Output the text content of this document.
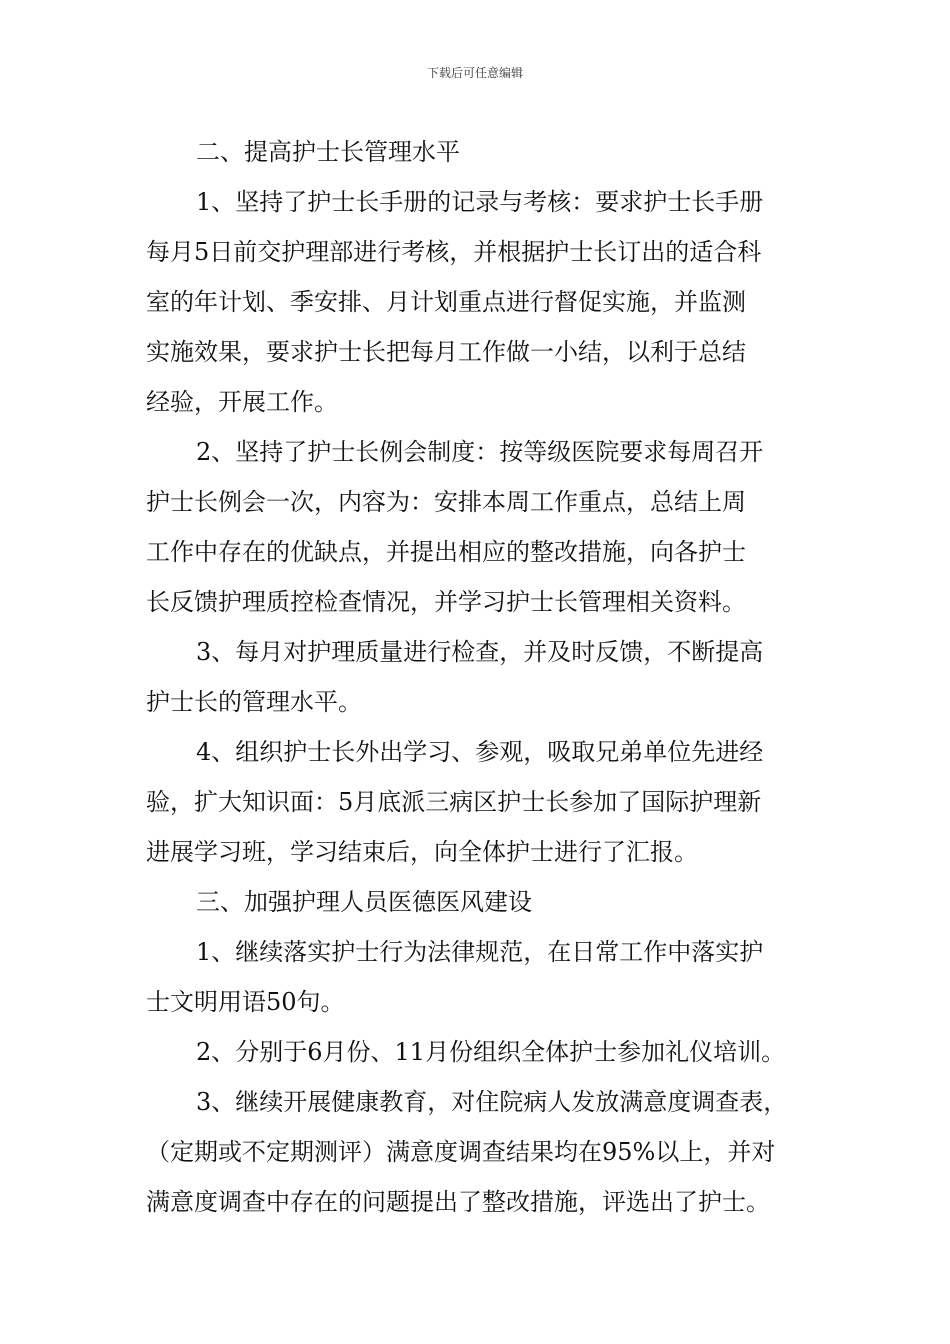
下载后可任意编辑
二、提高护士长管理水平
1、坚持了护士长手册的记录与考核：要求护士长手册
每月5日前交护理部进行考核，并根据护士长订出的适合科
室的年计划、季安排、月计划重点进行督促实施，并监测
实施效果，要求护士长把每月工作做一小结，以利于总结
经验，开展工作。
2、坚持了护士长例会制度：按等级医院要求每周召开
护士长例会一次，内容为：安排本周工作重点，总结上周
工作中存在的优缺点，并提出相应的整改措施，向各护士
长反馈护理质控检查情况，并学习护士长管理相关资料。
3、每月对护理质量进行检查，并及时反馈，不断提高
护士长的管理水平。
4、组织护士长外出学习、参观，吸取兄弟单位先进经
验，扩大知识面：5月底派三病区护士长参加了国际护理新
进展学习班，学习结束后，向全体护士进行了汇报。
三、加强护理人员医德医风建设
1、继续落实护士行为法律规范，在日常工作中落实护
士文明用语50句。
2、分别于6月份、11月份组织全体护士参加礼仪培训。
3、继续开展健康教育，对住院病人发放满意度调查表，
（定期或不定期测评）满意度调查结果均在95%以上，并对
满意度调查中存在的问题提出了整改措施，评选出了护士。
